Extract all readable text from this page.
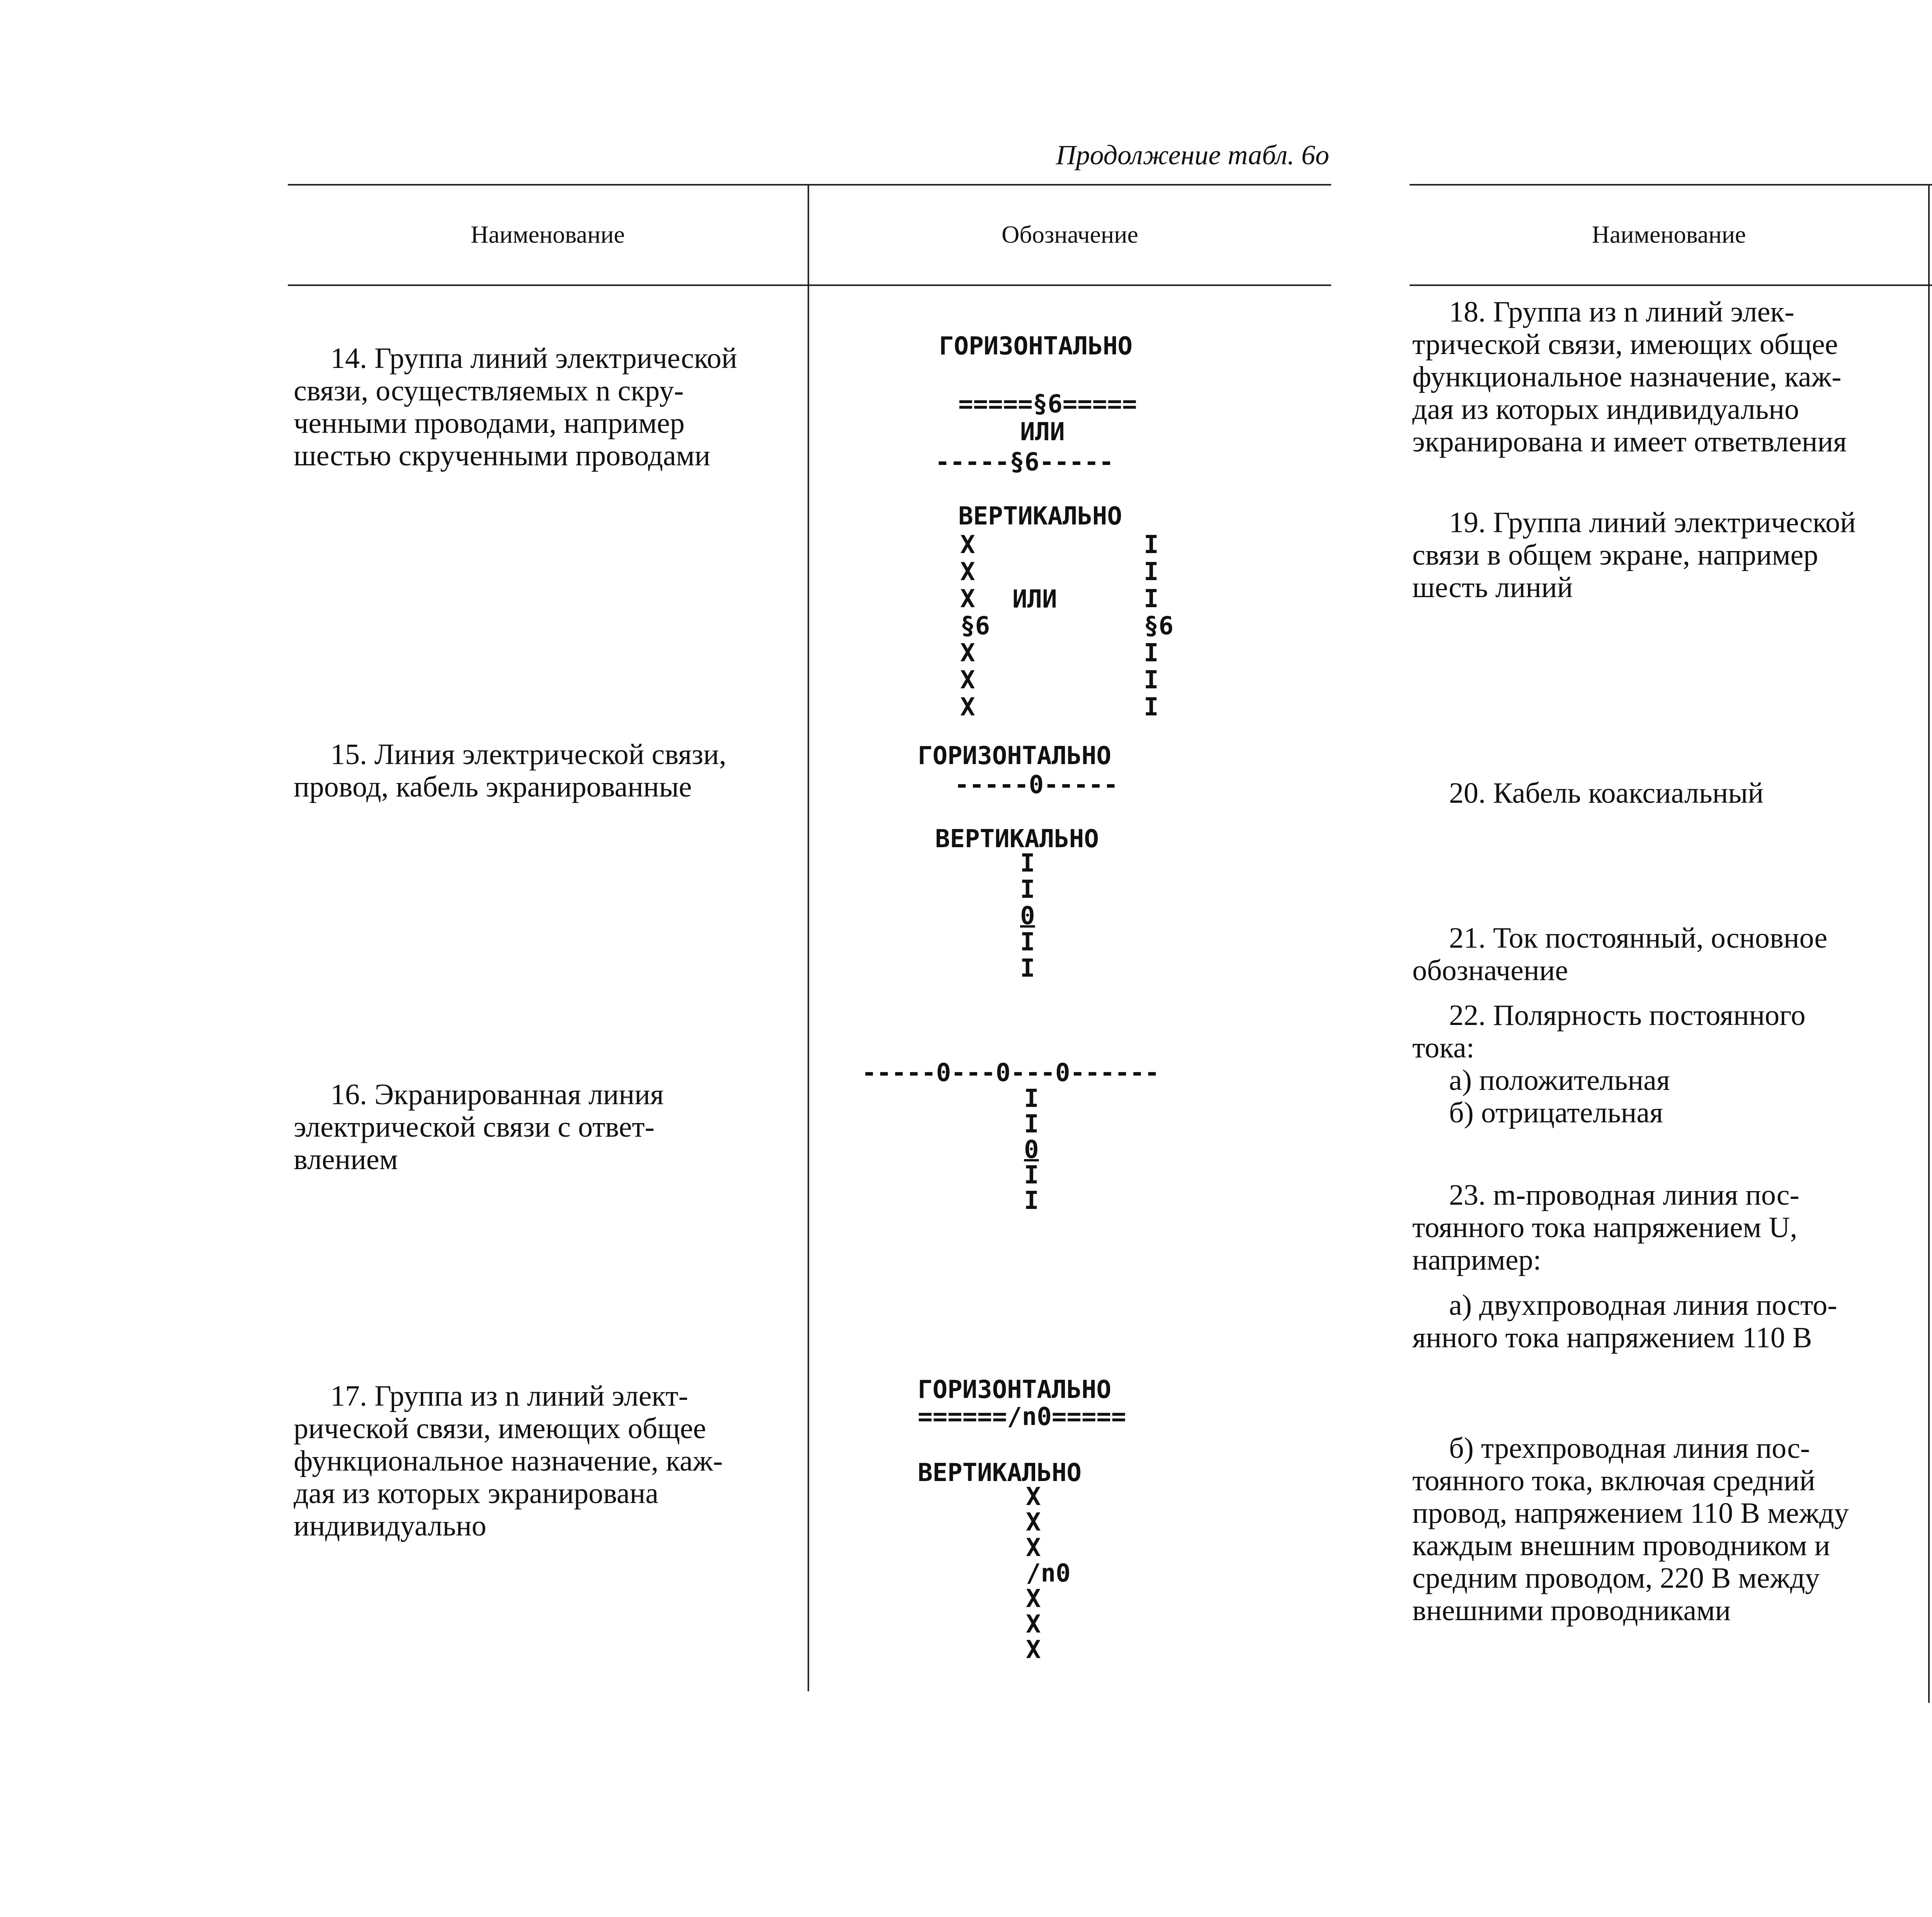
Продолжение табл. 6о
Наименование	Обозначение	Наименование
14. Группа линий электрической
связи, осуществляемых n скру-
ченными проводами, например
шестью скрученными проводами
ГОРИЗОНТАЛЬНО
=====§6=====
ИЛИ
-----§6-----
ВЕРТИКАЛЬНО
X
X
X
§6
X
X
X
ИЛИ
I
I
I
§6
I
I
I
15. Линия электрической связи,
провод, кабель экранированные
ГОРИЗОНТАЛЬНО
-----0-----
ВЕРТИКАЛЬНО
I
I
0
I
I
16. Экранированная линия
электрической связи с ответ-
влением
-----0---0---0------
I
I
0
I
I
17. Группа из n линий элект-
рической связи, имеющих общее
функциональное назначение, каж-
дая из которых экранирована
индивидуально
ГОРИЗОНТАЛЬНО
======/n0=====
ВЕРТИКАЛЬНО
X
X
X
/n0
X
X
X
18. Группа из n линий элек-
трической связи, имеющих общее
функциональное назначение, каж-
дая из которых индивидуально
экранирована и имеет ответвления
19. Группа линий электрической
связи в общем экране, например
шесть линий
20. Кабель коаксиальный
21. Ток постоянный, основное
обозначение
22. Полярность постоянного
тока:
а) положительная
б) отрицательная
23. m-проводная линия пос-
тоянного тока напряжением U,
например:
а) двухпроводная линия посто-
янного тока напряжением 110 В
б) трехпроводная линия пос-
тоянного тока, включая средний
провод, напряжением 110 В между
каждым внешним проводником и
средним проводом, 220 В между
внешними проводниками
